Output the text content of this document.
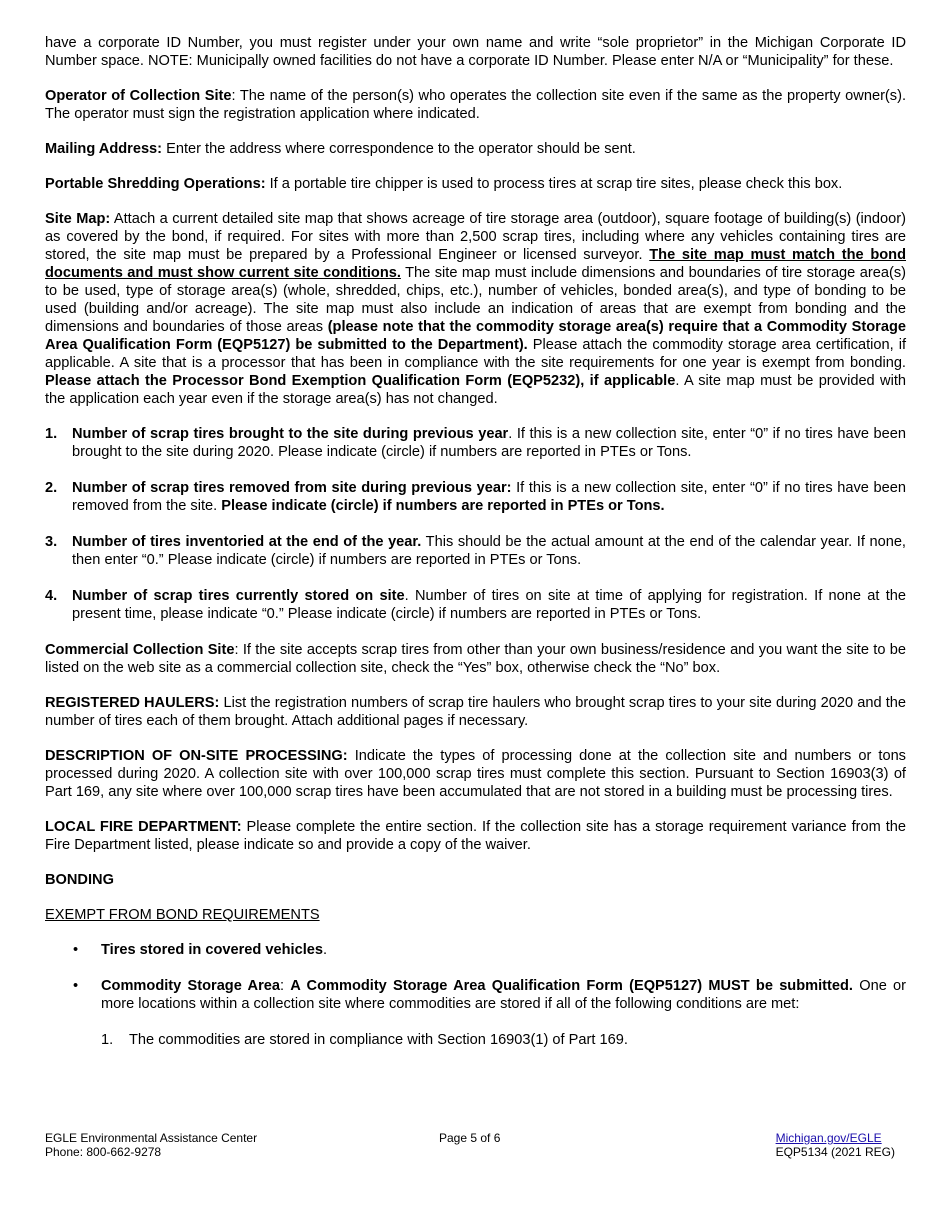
have a corporate ID Number, you must register under your own name and write “sole proprietor” in the Michigan Corporate ID Number space. NOTE: Municipally owned facilities do not have a corporate ID Number. Please enter N/A or “Municipality” for these.

Operator of Collection Site: The name of the person(s) who operates the collection site even if the same as the property owner(s). The operator must sign the registration application where indicated.

Mailing Address: Enter the address where correspondence to the operator should be sent.

Portable Shredding Operations: If a portable tire chipper is used to process tires at scrap tire sites, please check this box.

Site Map: Attach a current detailed site map that shows acreage of tire storage area (outdoor), square footage of building(s) (indoor) as covered by the bond, if required. For sites with more than 2,500 scrap tires, including where any vehicles containing tires are stored, the site map must be prepared by a Professional Engineer or licensed surveyor. The site map must match the bond documents and must show current site conditions. The site map must include dimensions and boundaries of tire storage area(s) to be used, type of storage area(s) (whole, shredded, chips, etc.), number of vehicles, bonded area(s), and type of bonding to be used (building and/or acreage). The site map must also include an indication of areas that are exempt from bonding and the dimensions and boundaries of those areas (please note that the commodity storage area(s) require that a Commodity Storage Area Qualification Form (EQP5127) be submitted to the Department). Please attach the commodity storage area certification, if applicable. A site that is a processor that has been in compliance with the site requirements for one year is exempt from bonding. Please attach the Processor Bond Exemption Qualification Form (EQP5232), if applicable. A site map must be provided with the application each year even if the storage area(s) has not changed.

1. Number of scrap tires brought to the site during previous year. If this is a new collection site, enter “0” if no tires have been brought to the site during 2020. Please indicate (circle) if numbers are reported in PTEs or Tons.
2. Number of scrap tires removed from site during previous year: If this is a new collection site, enter “0” if no tires have been removed from the site. Please indicate (circle) if numbers are reported in PTEs or Tons.
3. Number of tires inventoried at the end of the year. This should be the actual amount at the end of the calendar year. If none, then enter “0.” Please indicate (circle) if numbers are reported in PTEs or Tons.
4. Number of scrap tires currently stored on site. Number of tires on site at time of applying for registration. If none at the present time, please indicate “0.” Please indicate (circle) if numbers are reported in PTEs or Tons.

Commercial Collection Site: If the site accepts scrap tires from other than your own business/residence and you want the site to be listed on the web site as a commercial collection site, check the “Yes” box, otherwise check the “No” box.

REGISTERED HAULERS: List the registration numbers of scrap tire haulers who brought scrap tires to your site during 2020 and the number of tires each of them brought. Attach additional pages if necessary.

DESCRIPTION OF ON-SITE PROCESSING: Indicate the types of processing done at the collection site and numbers or tons processed during 2020. A collection site with over 100,000 scrap tires must complete this section. Pursuant to Section 16903(3) of Part 169, any site where over 100,000 scrap tires have been accumulated that are not stored in a building must be processing tires.

LOCAL FIRE DEPARTMENT: Please complete the entire section. If the collection site has a storage requirement variance from the Fire Department listed, please indicate so and provide a copy of the waiver.

BONDING

EXEMPT FROM BOND REQUIREMENTS

• Tires stored in covered vehicles.
• Commodity Storage Area: A Commodity Storage Area Qualification Form (EQP5127) MUST be submitted. One or more locations within a collection site where commodities are stored if all of the following conditions are met:

1. The commodities are stored in compliance with Section 16903(1) of Part 169.

EGLE Environmental Assistance Center
Phone: 800-662-9278
Page 5 of 6	Michigan.gov/EGLE
EQP5134 (2021 REG)
